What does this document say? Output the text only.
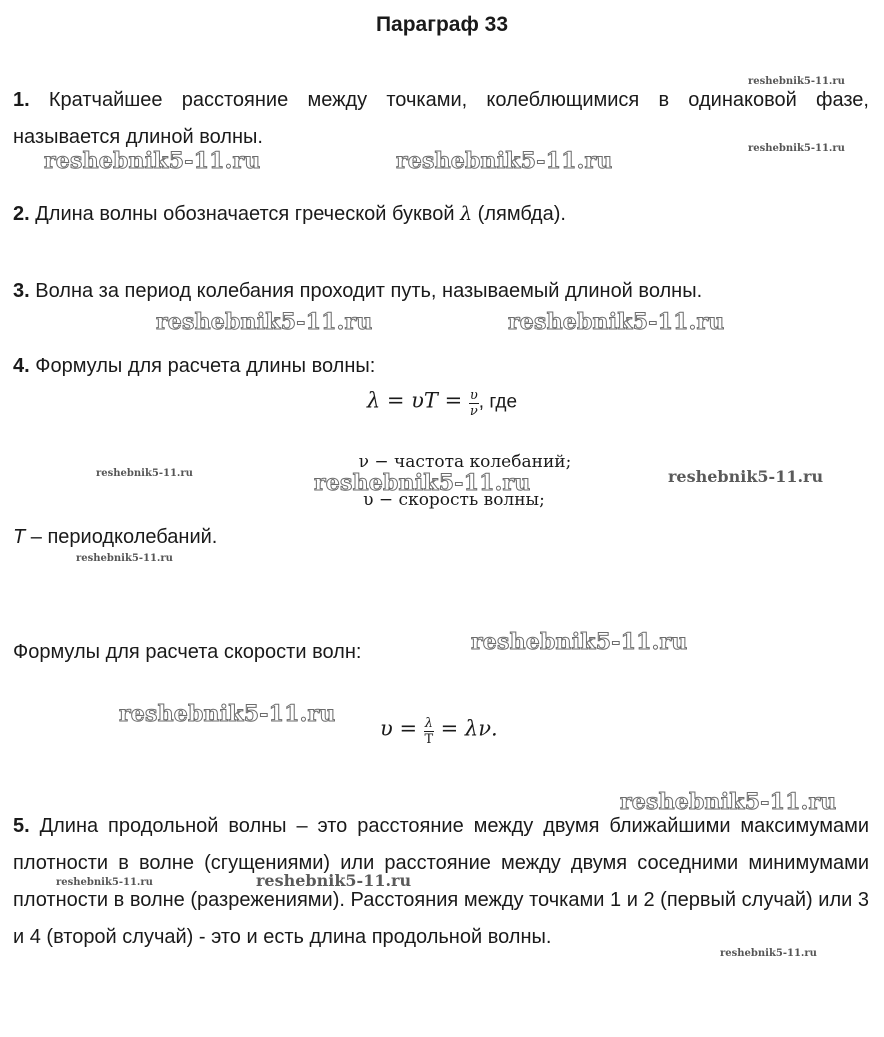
Параграф 33
1. Кратчайшее расстояние между точками, колеблющимися в одинаковой фазе, называется длиной волны.
2. Длина волны обозначается греческой буквой λ (лямбда).
3. Волна за период колебания проходит путь, называемый длиной волны.
4. Формулы для расчета длины волны:
$\lambda = \upsilon T = \frac{\upsilon}{\nu}$ , где
ν − частота колебаний;
υ − скорость волны;
T – периодколебаний.
Формулы для расчета скорости волн:
$\upsilon = \frac{\lambda}{T} = \lambda\nu$.
5. Длина продольной волны – это расстояние между двумя ближайшими максимумами плотности в волне (сгущениями) или расстояние между двумя соседними минимумами плотности в волне (разрежениями). Расстояния между точками 1 и 2 (первый случай) или 3 и 4 (второй случай) - это и есть длина продольной волны.
reshebnik5-11.ru
reshebnik5-11.ru
reshebnik5-11.ru	reshebnik5-11.ru
reshebnik5-11.ru	reshebnik5-11.ru
reshebnik5-11.ru	reshebnik5-11.ru	reshebnik5-11.ru
reshebnik5-11.ru
reshebnik5-11.ru
reshebnik5-11.ru
reshebnik5-11.ru
reshebnik5-11.ru	reshebnik5-11.ru
reshebnik5-11.ru
